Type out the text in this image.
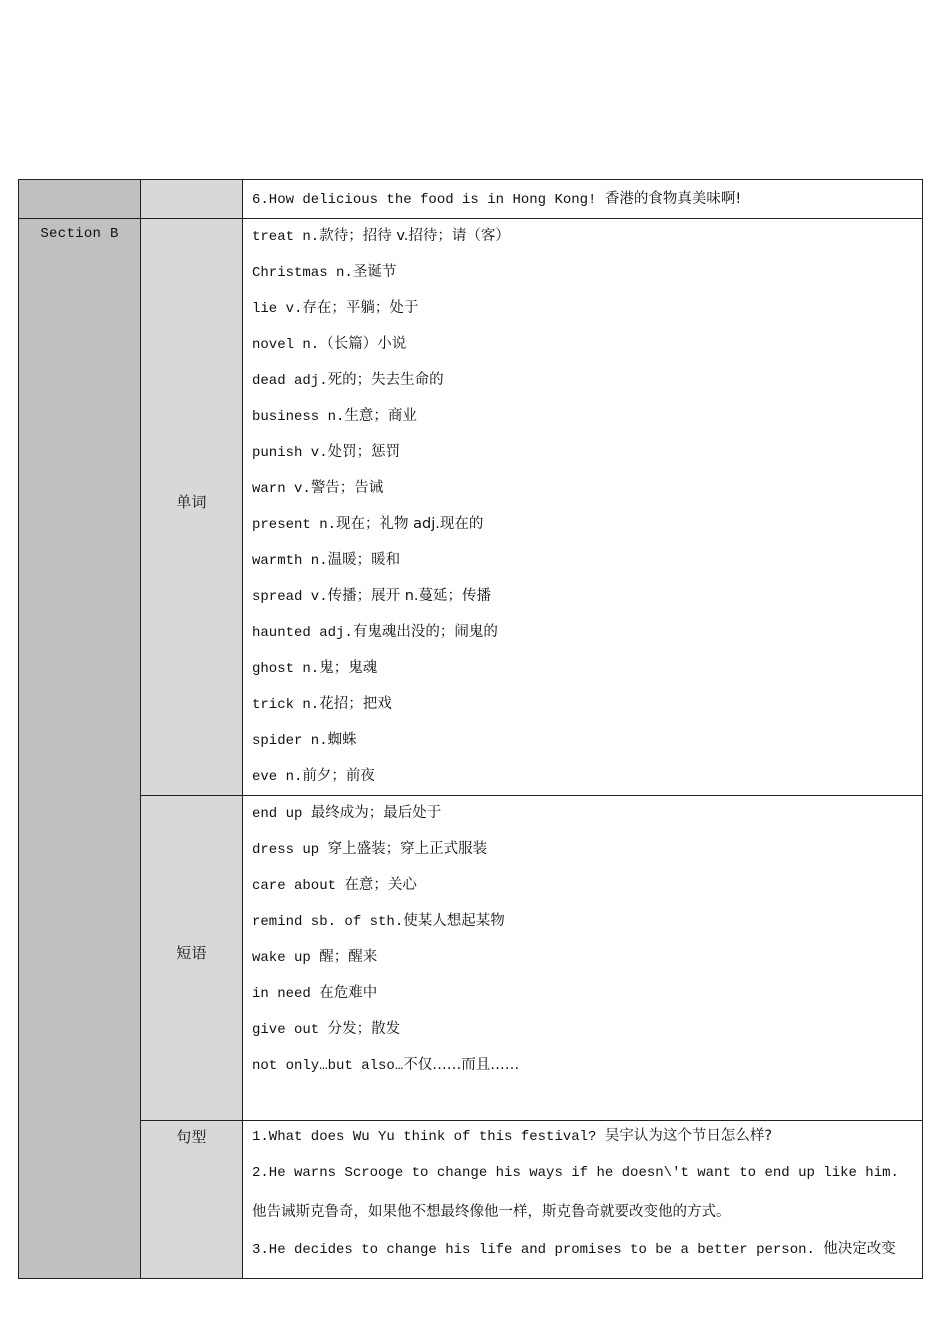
6.How delicious the food is in Hong Kong! 香港的食物真美味啊!
Section B
单词
treat n.款待；招待 v.招待；请（客）
Christmas n.圣诞节
lie v.存在；平躺；处于
novel n.（长篇）小说
dead adj.死的；失去生命的
business n.生意；商业
punish v.处罚；惩罚
warn v.警告；告诫
present n.现在；礼物 adj.现在的
warmth n.温暖；暖和
spread v.传播；展开 n.蔓延；传播
haunted adj.有鬼魂出没的；闹鬼的
ghost n.鬼；鬼魂
trick n.花招；把戏
spider n.蜘蛛
eve n.前夕；前夜
短语
end up 最终成为；最后处于
dress up 穿上盛装；穿上正式服装
care about 在意；关心
remind sb. of sth.使某人想起某物
wake up 醒；醒来
in need 在危难中
give out 分发；散发
not only…but also…不仅……而且……
句型	1.What does Wu Yu think of this festival? 吴宇认为这个节日怎么样?
2.He warns Scrooge to change his ways if he doesn\'t want to end up like him.
他告诫斯克鲁奇，如果他不想最终像他一样，斯克鲁奇就要改变他的方式。
3.He decides to change his life and promises to be a better person. 他决定改变
